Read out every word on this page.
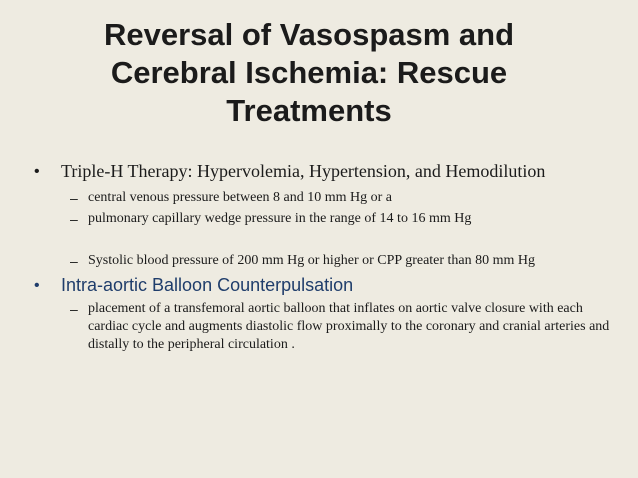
Reversal of Vasospasm and
Cerebral Ischemia: Rescue
Treatments
• Triple-H Therapy: Hypervolemia, Hypertension, and Hemodilution
– central venous pressure between 8 and 10 mm Hg or a
– pulmonary capillary wedge pressure in the range of 14 to 16 mm Hg
– Systolic blood pressure of 200 mm Hg or higher or CPP greater than 80 mm Hg
• Intra-aortic Balloon Counterpulsation
– placement of a transfemoral aortic balloon that inflates on aortic valve closure with each cardiac cycle and augments diastolic flow proximally to the coronary and cranial arteries and distally to the peripheral circulation .
